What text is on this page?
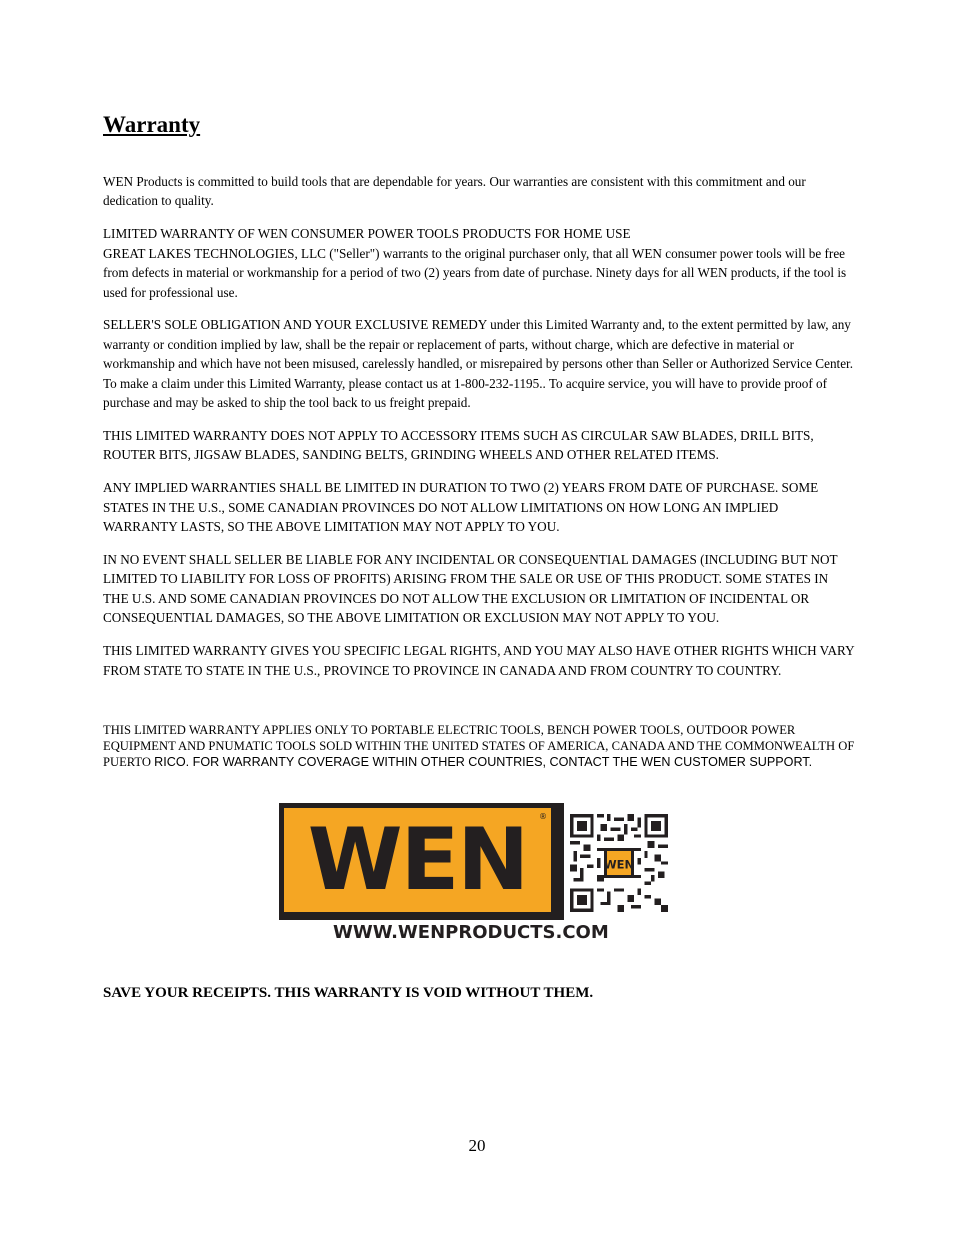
Warranty

WEN Products is committed to build tools that are dependable for years. Our warranties are consistent with this commitment and our dedication to quality.

LIMITED WARRANTY OF WEN CONSUMER POWER TOOLS PRODUCTS FOR HOME USE

GREAT LAKES TECHNOLOGIES, LLC ("Seller") warrants to the original purchaser only, that all WEN consumer power tools will be free from defects in material or workmanship for a period of two (2) years from date of purchase. Ninety days for all WEN products, if the tool is used for professional use.

SELLER'S SOLE OBLIGATION AND YOUR EXCLUSIVE REMEDY under this Limited Warranty and, to the extent permitted by law, any warranty or condition implied by law, shall be the repair or replacement of parts, without charge, which are defective in material or workmanship and which have not been misused, carelessly handled, or misrepaired by persons other than Seller or Authorized Service Center. To make a claim under this Limited Warranty, please contact us at 1-800-232-1195.. To acquire service, you will have to provide proof of purchase and may be asked to ship the tool back to us freight prepaid.

THIS LIMITED WARRANTY DOES NOT APPLY TO ACCESSORY ITEMS SUCH AS CIRCULAR SAW BLADES, DRILL BITS, ROUTER BITS, JIGSAW BLADES, SANDING BELTS, GRINDING WHEELS AND OTHER RELATED ITEMS.

ANY IMPLIED WARRANTIES SHALL BE LIMITED IN DURATION TO TWO (2) YEARS FROM DATE OF PURCHASE. SOME STATES IN THE U.S., SOME CANADIAN PROVINCES DO NOT ALLOW LIMITATIONS ON HOW LONG AN IMPLIED WARRANTY LASTS, SO THE ABOVE LIMITATION MAY NOT APPLY TO YOU.

IN NO EVENT SHALL SELLER BE LIABLE FOR ANY INCIDENTAL OR CONSEQUENTIAL DAMAGES (INCLUDING BUT NOT LIMITED TO LIABILITY FOR LOSS OF PROFITS) ARISING FROM THE SALE OR USE OF THIS PRODUCT. SOME STATES IN THE U.S. AND SOME CANADIAN PROVINCES DO NOT ALLOW THE EXCLUSION OR LIMITATION OF INCIDENTAL OR CONSEQUENTIAL DAMAGES, SO THE ABOVE LIMITATION OR EXCLUSION MAY NOT APPLY TO YOU.

THIS LIMITED WARRANTY GIVES YOU SPECIFIC LEGAL RIGHTS, AND YOU MAY ALSO HAVE OTHER RIGHTS WHICH VARY FROM STATE TO STATE IN THE U.S., PROVINCE TO PROVINCE IN CANADA AND FROM COUNTRY TO COUNTRY.

THIS LIMITED WARRANTY APPLIES ONLY TO PORTABLE ELECTRIC TOOLS, BENCH POWER TOOLS, OUTDOOR POWER EQUIPMENT AND PNUMATIC TOOLS SOLD WITHIN THE UNITED STATES OF AMERICA, CANADA AND THE COMMONWEALTH OF PUERTO RICO. FOR WARRANTY COVERAGE WITHIN OTHER COUNTRIES, CONTACT THE WEN CUSTOMER SUPPORT.
WEN	®
WEN
WWW.WENPRODUCTS.COM

SAVE YOUR RECEIPTS. THIS WARRANTY IS VOID WITHOUT THEM.

20
